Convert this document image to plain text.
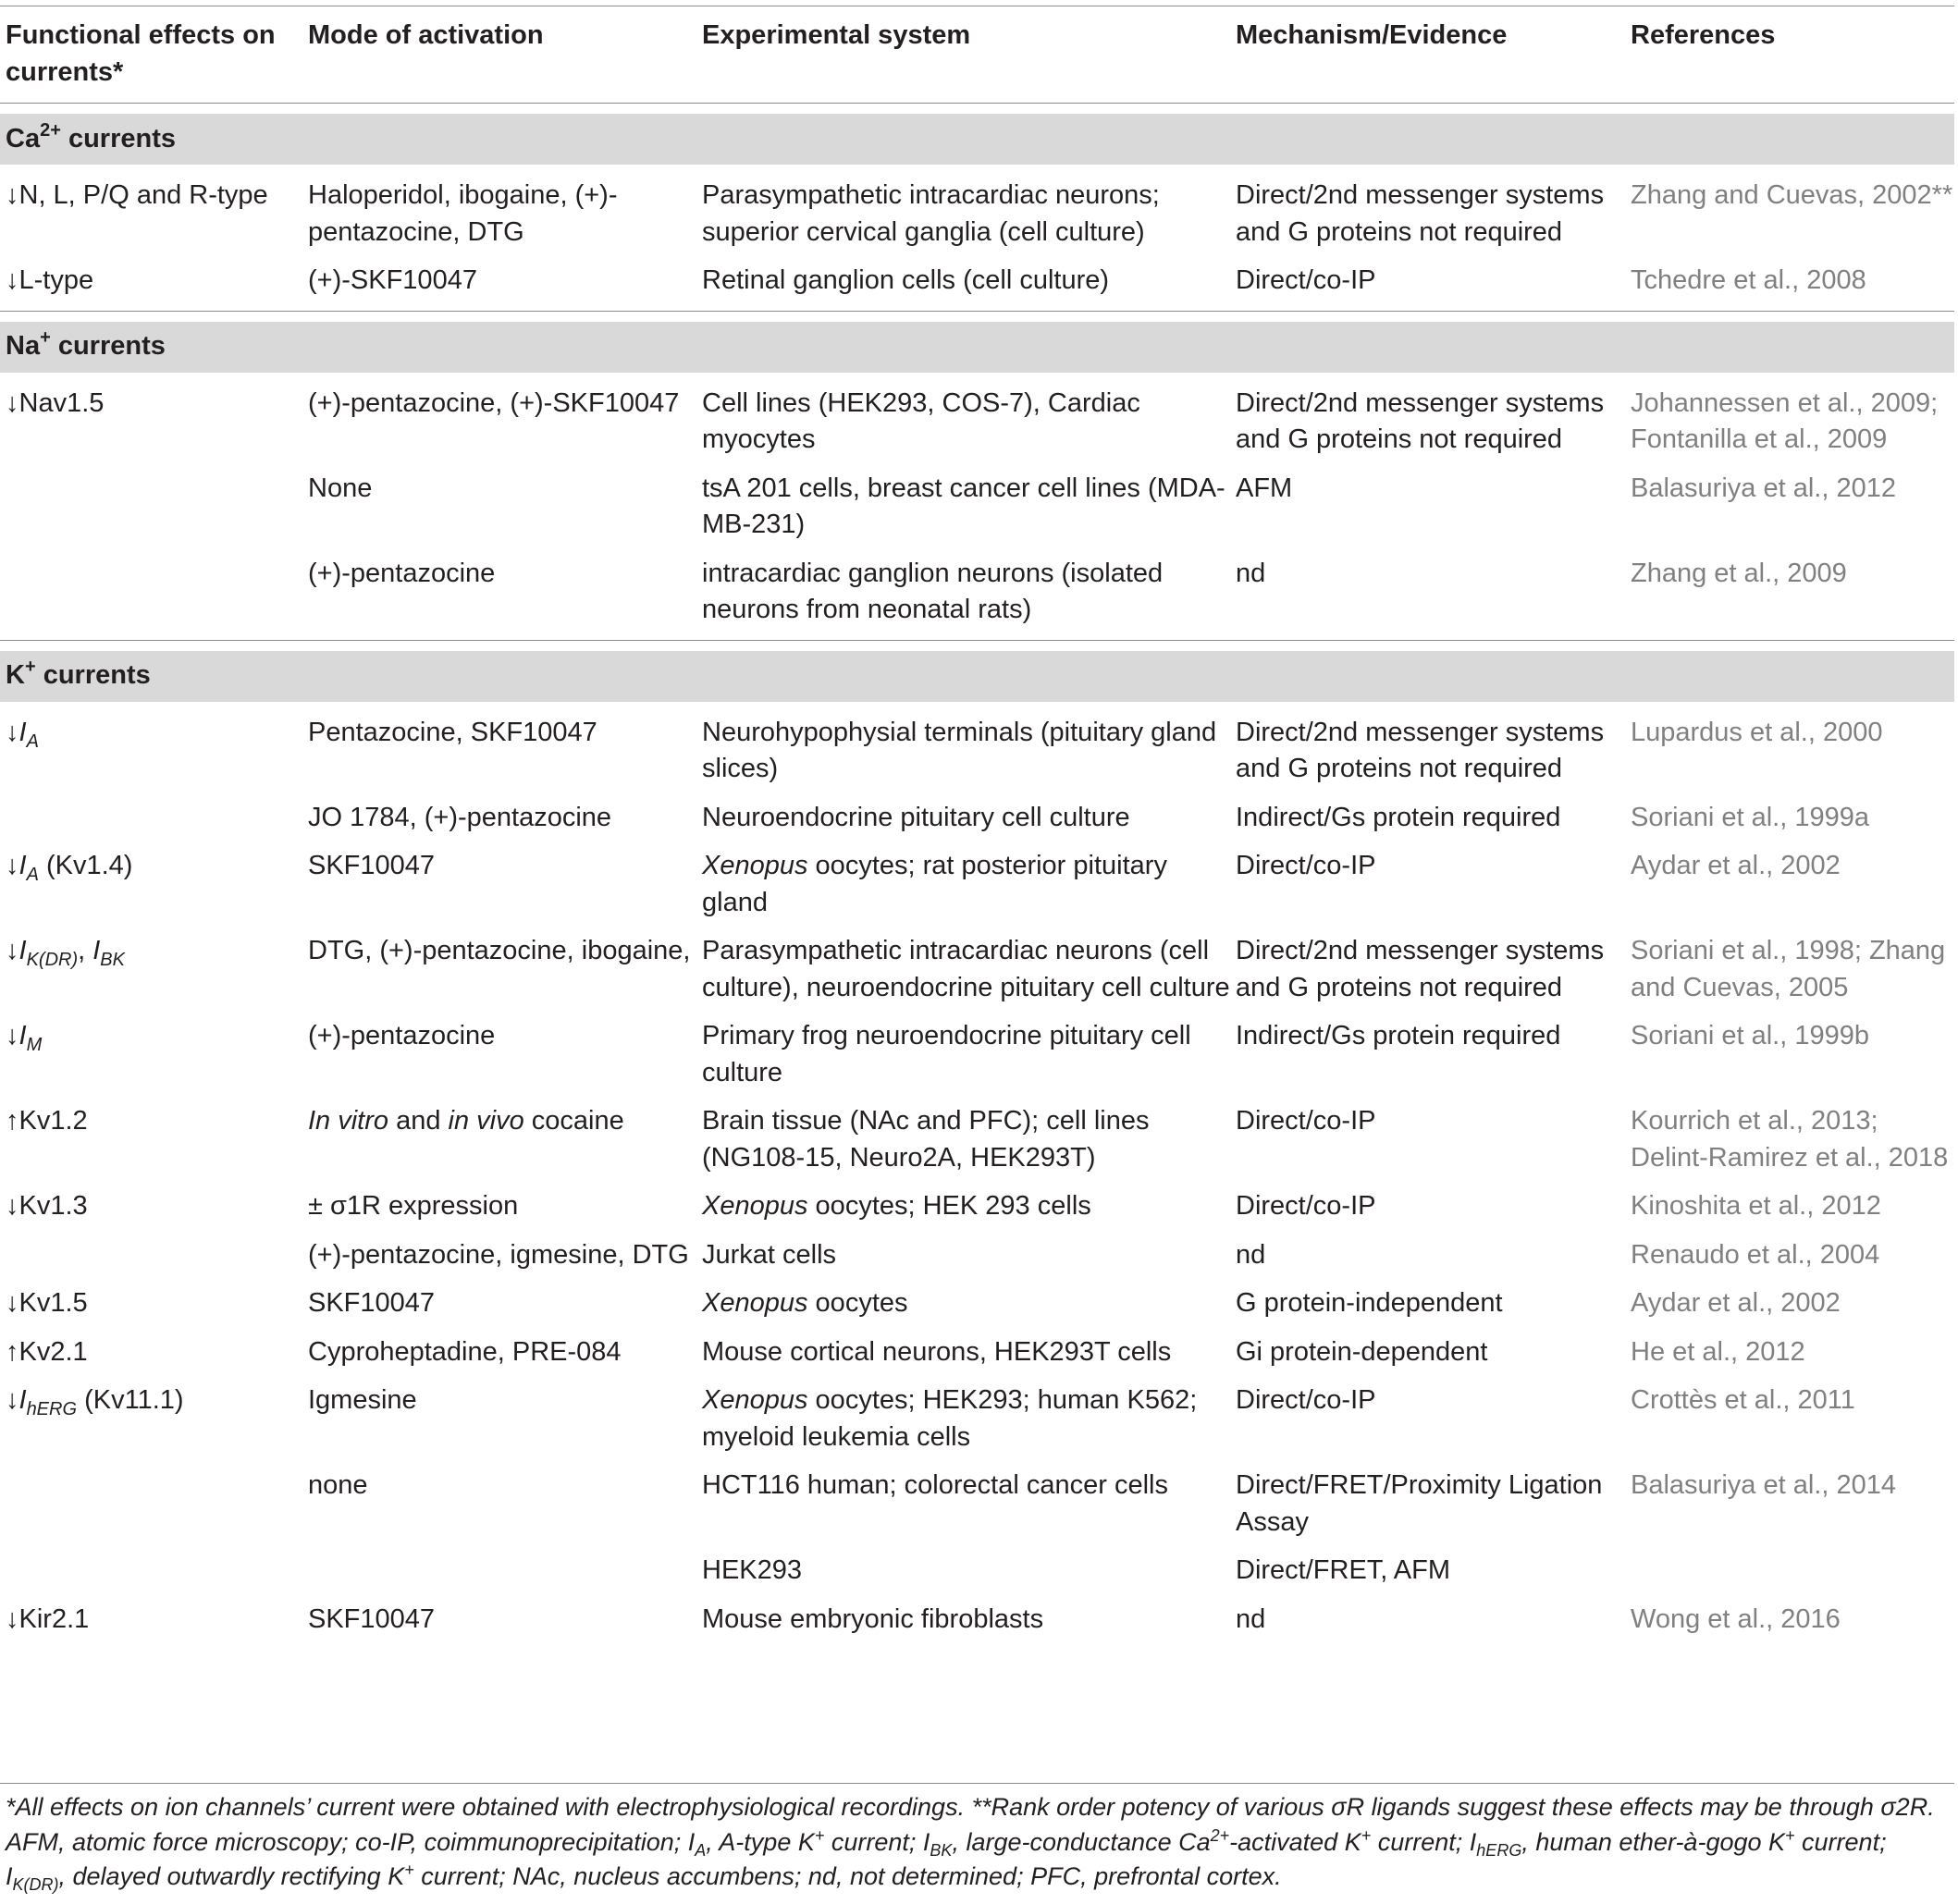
Functional effects on currents*	Mode of activation	Experimental system	Mechanism/Evidence	References

$Ca^{2+}$ currents				
↓N, L, P/Q and R-type	Haloperidol, ibogaine, (+)-pentazocine, DTG	Parasympathetic intracardiac neurons; superior cervical ganglia (cell culture)	Direct/2nd messenger systems and G proteins not required	Zhang and Cuevas, 2002**
↓L-type	(+)-SKF10047	Retinal ganglion cells (cell culture)	Direct/co-IP	Tchedre et al., 2008

Na+ currents				
↓Nav1.5	(+)-pentazocine, (+)-SKF10047	Cell lines (HEK293, COS-7), Cardiac myocytes	Direct/2nd messenger systems and G proteins not required	Johannessen et al., 2009; Fontanilla et al., 2009
	None	tsA 201 cells, breast cancer cell lines (MDA-MB-231)	AFM	Balasuriya et al., 2012
	(+)-pentazocine	intracardiac ganglion neurons (isolated neurons from neonatal rats)	nd	Zhang et al., 2009

K+ currents				
$↓I_A$	Pentazocine, SKF10047	Neurohypophysial terminals (pituitary gland slices)	Direct/2nd messenger systems and G proteins not required	Lupardus et al., 2000
	JO 1784, (+)-pentazocine	Neuroendocrine pituitary cell culture	Indirect/Gs protein required	Soriani et al., 1999a
$↓I_A$ (Kv1.4)	SKF10047	Xenopus oocytes; rat posterior pituitary gland	Direct/co-IP	Aydar et al., 2002
$↓I_{K(DR)}$, $I_{BK}$	DTG, (+)-pentazocine, ibogaine,	Parasympathetic intracardiac neurons (cell culture), neuroendocrine pituitary cell culture	Direct/2nd messenger systems and G proteins not required	Soriani et al., 1998; Zhang and Cuevas, 2005
$↓I_M$	(+)-pentazocine	Primary frog neuroendocrine pituitary cell culture	Indirect/Gs protein required	Soriani et al., 1999b
↑Kv1.2	In vitro and in vivo cocaine	Brain tissue (NAc and PFC); cell lines (NG108-15, Neuro2A, HEK293T)	Direct/co-IP	Kourrich et al., 2013; Delint-Ramirez et al., 2018
↓Kv1.3	± σ1R expression	Xenopus oocytes; HEK 293 cells	Direct/co-IP	Kinoshita et al., 2012
	(+)-pentazocine, igmesine, DTG	Jurkat cells	nd	Renaudo et al., 2004
↓Kv1.5	SKF10047	Xenopus oocytes	G protein-independent	Aydar et al., 2002
↑Kv2.1	Cyproheptadine, PRE-084	Mouse cortical neurons, HEK293T cells	Gi protein-dependent	He et al., 2012
$↓I_{hERG}$ (Kv11.1)	Igmesine	Xenopus oocytes; HEK293; human K562; myeloid leukemia cells	Direct/co-IP	Crottès et al., 2011
	none	HCT116 human; colorectal cancer cells	Direct/FRET/Proximity Ligation Assay	Balasuriya et al., 2014
		HEK293	Direct/FRET, AFM	
↓Kir2.1	SKF10047	Mouse embryonic fibroblasts	nd	Wong et al., 2016
*All effects on ion channels’ current were obtained with electrophysiological recordings. **Rank order potency of various σR ligands suggest these effects may be through σ2R. AFM, atomic force microscopy; co-IP, coimmunoprecipitation; $I_A$, A-type K+ current; $I_{BK}$, large-conductance $Ca^{2+}$-activated K+ current; $I_{hERG}$, human ether-à-gogo K+ current; $I_{K(DR)}$, delayed outwardly rectifying K+ current; NAc, nucleus accumbens; nd, not determined; PFC, prefrontal cortex.
